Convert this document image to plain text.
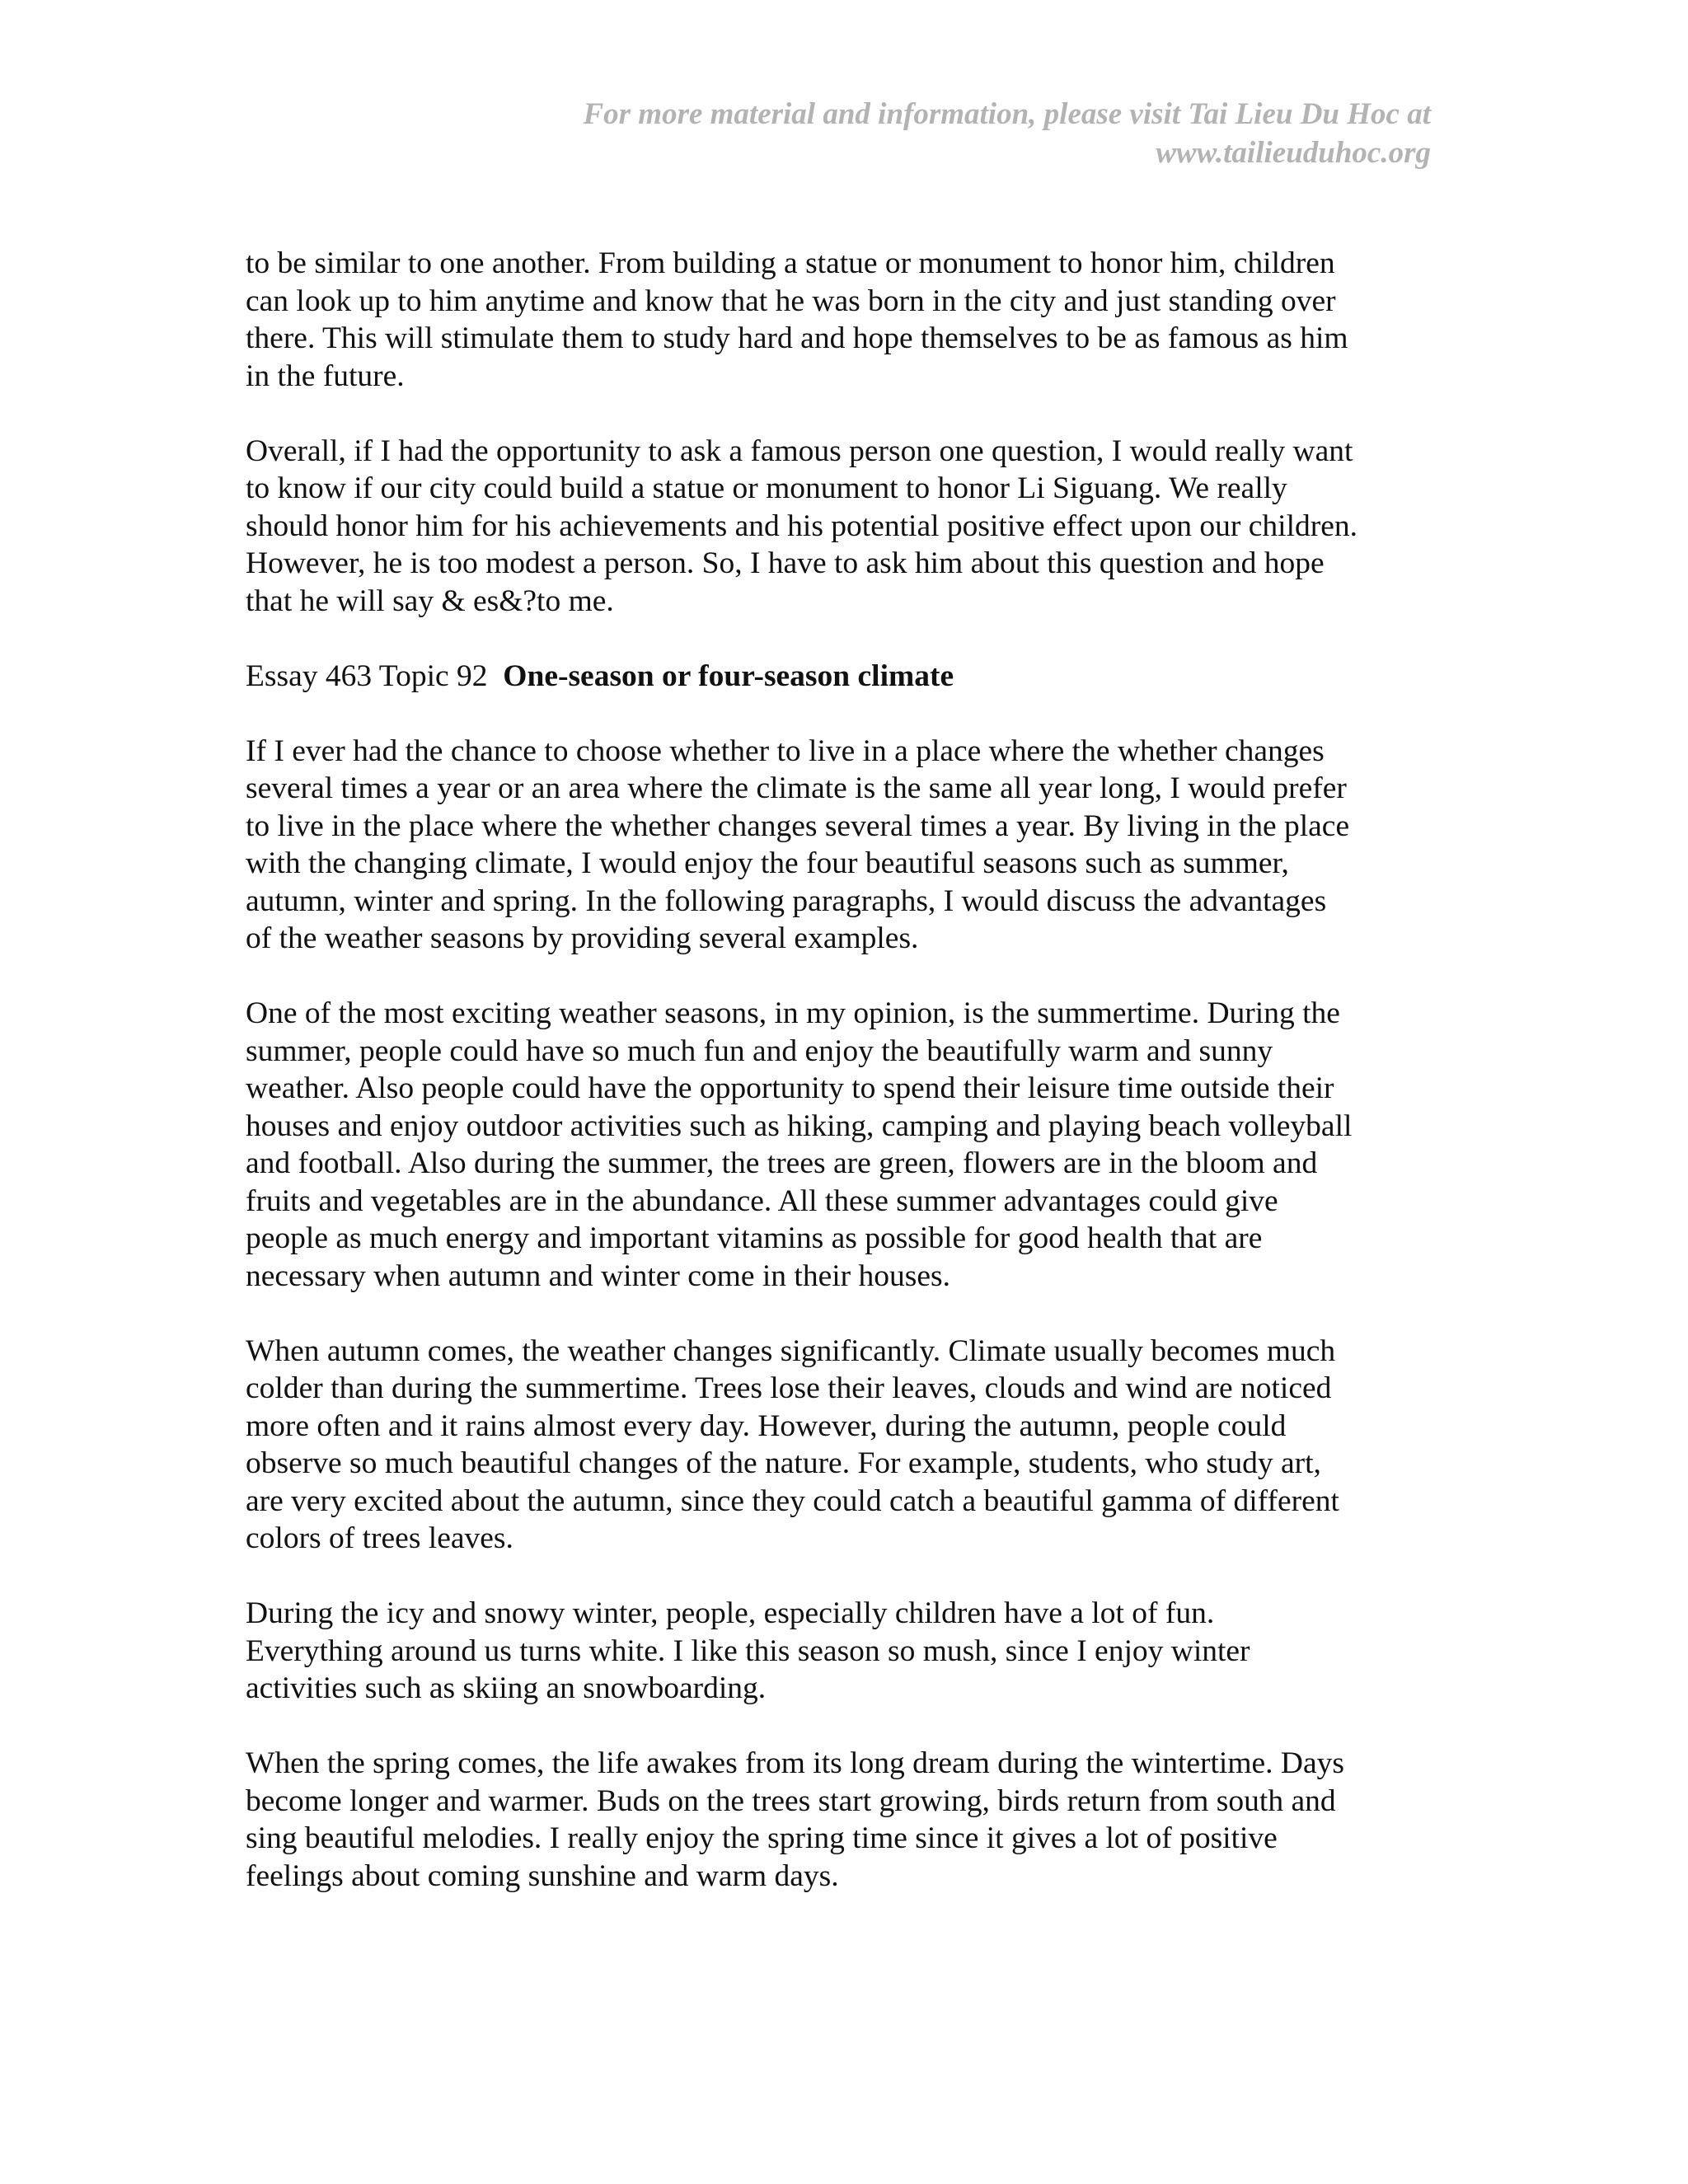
For more material and information, please visit Tai Lieu Du Hoc at
www.tailieuduhoc.org

to be similar to one another. From building a statue or monument to honor him, children
can look up to him anytime and know that he was born in the city and just standing over
there. This will stimulate them to study hard and hope themselves to be as famous as him
in the future.

Overall, if I had the opportunity to ask a famous person one question, I would really want
to know if our city could build a statue or monument to honor Li Siguang. We really
should honor him for his achievements and his potential positive effect upon our children.
However, he is too modest a person. So, I have to ask him about this question and hope
that he will say & es&?to me.

Essay 463 Topic 92 One-season or four-season climate

If I ever had the chance to choose whether to live in a place where the whether changes
several times a year or an area where the climate is the same all year long, I would prefer
to live in the place where the whether changes several times a year. By living in the place
with the changing climate, I would enjoy the four beautiful seasons such as summer,
autumn, winter and spring. In the following paragraphs, I would discuss the advantages
of the weather seasons by providing several examples.

One of the most exciting weather seasons, in my opinion, is the summertime. During the
summer, people could have so much fun and enjoy the beautifully warm and sunny
weather. Also people could have the opportunity to spend their leisure time outside their
houses and enjoy outdoor activities such as hiking, camping and playing beach volleyball
and football. Also during the summer, the trees are green, flowers are in the bloom and
fruits and vegetables are in the abundance. All these summer advantages could give
people as much energy and important vitamins as possible for good health that are
necessary when autumn and winter come in their houses.

When autumn comes, the weather changes significantly. Climate usually becomes much
colder than during the summertime. Trees lose their leaves, clouds and wind are noticed
more often and it rains almost every day. However, during the autumn, people could
observe so much beautiful changes of the nature. For example, students, who study art,
are very excited about the autumn, since they could catch a beautiful gamma of different
colors of trees leaves.

During the icy and snowy winter, people, especially children have a lot of fun.
Everything around us turns white. I like this season so mush, since I enjoy winter
activities such as skiing an snowboarding.

When the spring comes, the life awakes from its long dream during the wintertime. Days
become longer and warmer. Buds on the trees start growing, birds return from south and
sing beautiful melodies. I really enjoy the spring time since it gives a lot of positive
feelings about coming sunshine and warm days.
